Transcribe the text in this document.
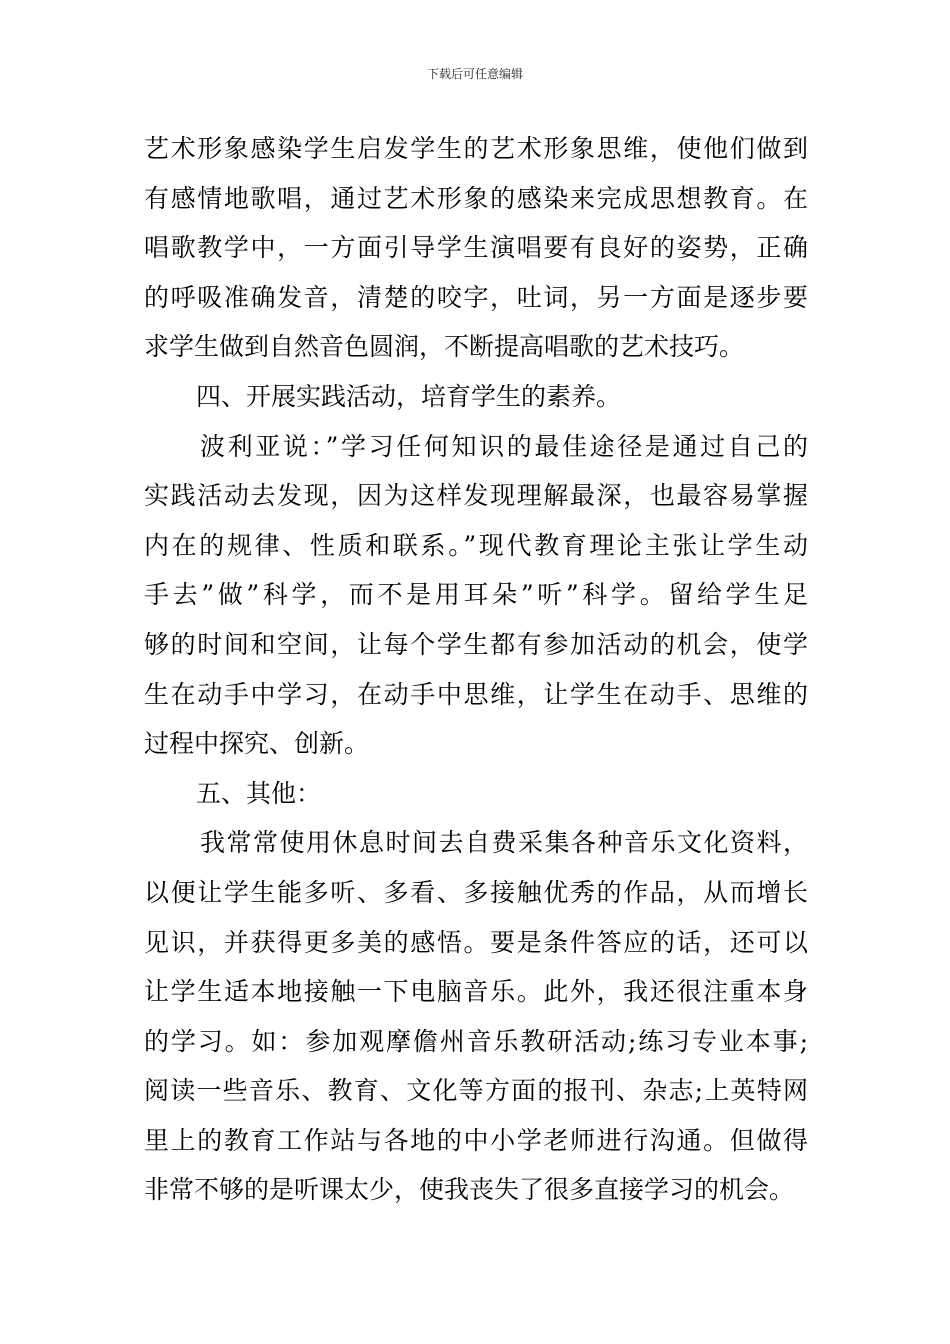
下载后可任意编辑
艺术形象感染学生启发学生的艺术形象思维，使他们做到
有感情地歌唱，通过艺术形象的感染来完成思想教育。在
唱歌教学中，一方面引导学生演唱要有良好的姿势，正确
的呼吸准确发音，清楚的咬字，吐词，另一方面是逐步要
求学生做到自然音色圆润，不断提高唱歌的艺术技巧。
四、开展实践活动，培育学生的素养。
波利亚说：”学习任何知识的最佳途径是通过自己的
实践活动去发现，因为这样发现理解最深，也最容易掌握
内在的规律、性质和联系。”现代教育理论主张让学生动
手去”做”科学，而不是用耳朵”听”科学。留给学生足
够的时间和空间，让每个学生都有参加活动的机会，使学
生在动手中学习，在动手中思维，让学生在动手、思维的
过程中探究、创新。
五、其他：
我常常使用休息时间去自费采集各种音乐文化资料，
以便让学生能多听、多看、多接触优秀的作品，从而增长
见识，并获得更多美的感悟。要是条件答应的话，还可以
让学生适本地接触一下电脑音乐。此外，我还很注重本身
的学习。如：参加观摩儋州音乐教研活动;练习专业本事;
阅读一些音乐、教育、文化等方面的报刊、杂志;上英特网
里上的教育工作站与各地的中小学老师进行沟通。但做得
非常不够的是听课太少，使我丧失了很多直接学习的机会。
